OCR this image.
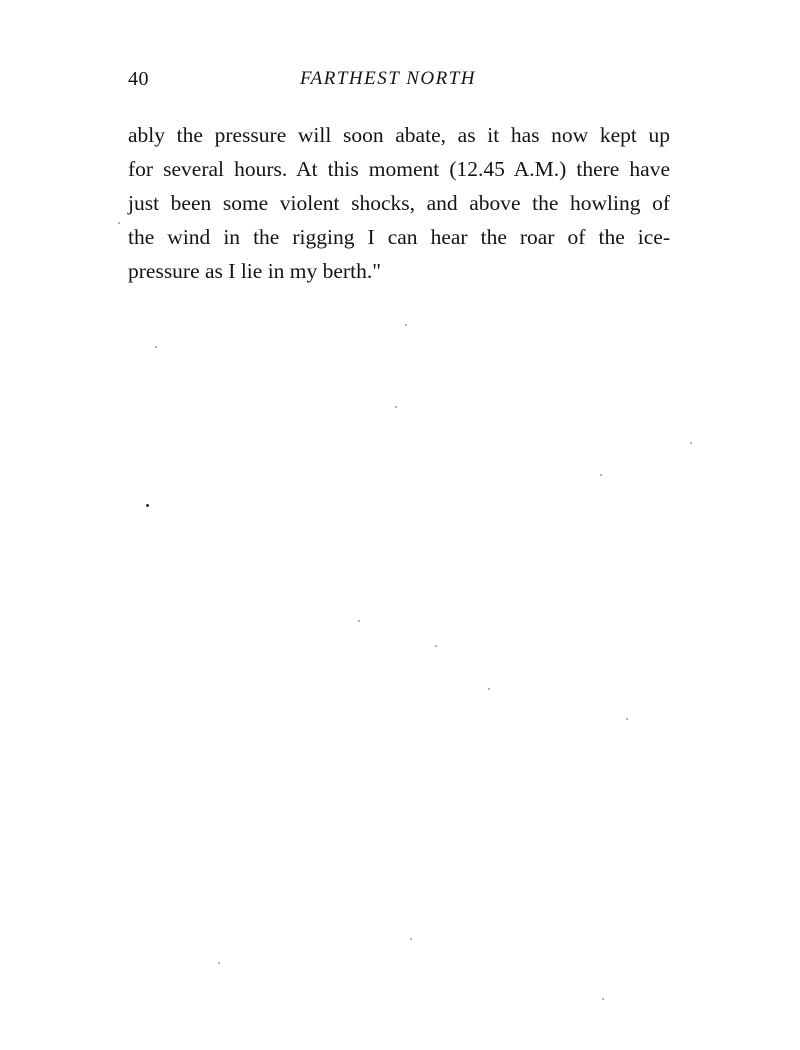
40	FARTHEST NORTH
ably the pressure will soon abate, as it has now kept up
for several hours. At this moment (12.45 A.M.) there have
just been some violent shocks, and above the howling of
the wind in the rigging I can hear the roar of the ice-
pressure as I lie in my berth."
